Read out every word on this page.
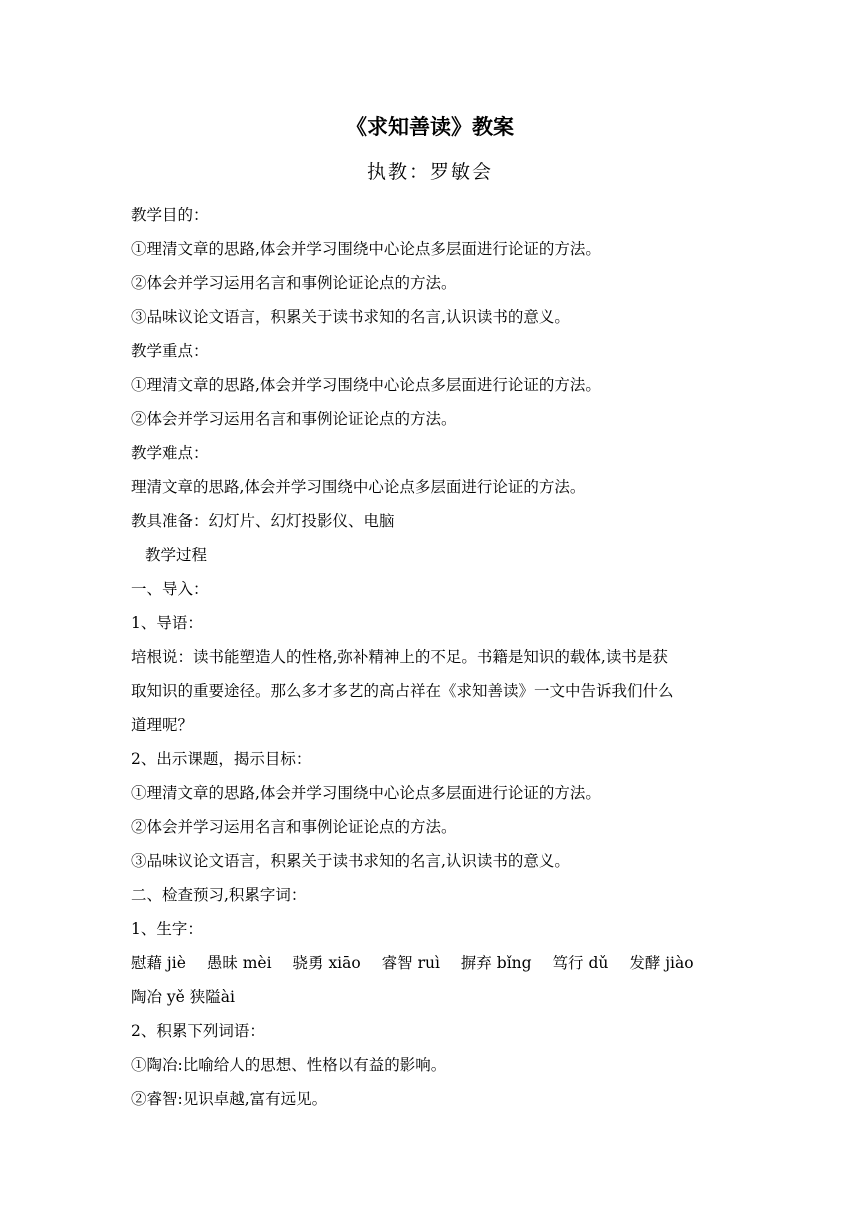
《求知善读》教案
执教：罗敏会
教学目的：
①理清文章的思路,体会并学习围绕中心论点多层面进行论证的方法。
②体会并学习运用名言和事例论证论点的方法。
③品味议论文语言，积累关于读书求知的名言,认识读书的意义。
教学重点：
①理清文章的思路,体会并学习围绕中心论点多层面进行论证的方法。
②体会并学习运用名言和事例论证论点的方法。
教学难点：
理清文章的思路,体会并学习围绕中心论点多层面进行论证的方法。
教具准备：幻灯片、幻灯投影仪、电脑
教学过程
一、导入：
1、导语：
培根说：读书能塑造人的性格,弥补精神上的不足。书籍是知识的载体,读书是获
取知识的重要途径。那么多才多艺的高占祥在《求知善读》一文中告诉我们什么
道理呢？
2、出示课题，揭示目标：
①理清文章的思路,体会并学习围绕中心论点多层面进行论证的方法。
②体会并学习运用名言和事例论证论点的方法。
③品味议论文语言，积累关于读书求知的名言,认识读书的意义。
二、检查预习,积累字词：
1、生字：
慰藉 jiè 愚昧 mèi 骁勇 xiāo 睿智 ruì 摒弃 bǐng 笃行 dǔ 发酵 jiào
陶冶 yě 狭隘ài
2、积累下列词语：
①陶冶:比喻给人的思想、性格以有益的影响。
②睿智:见识卓越,富有远见。
